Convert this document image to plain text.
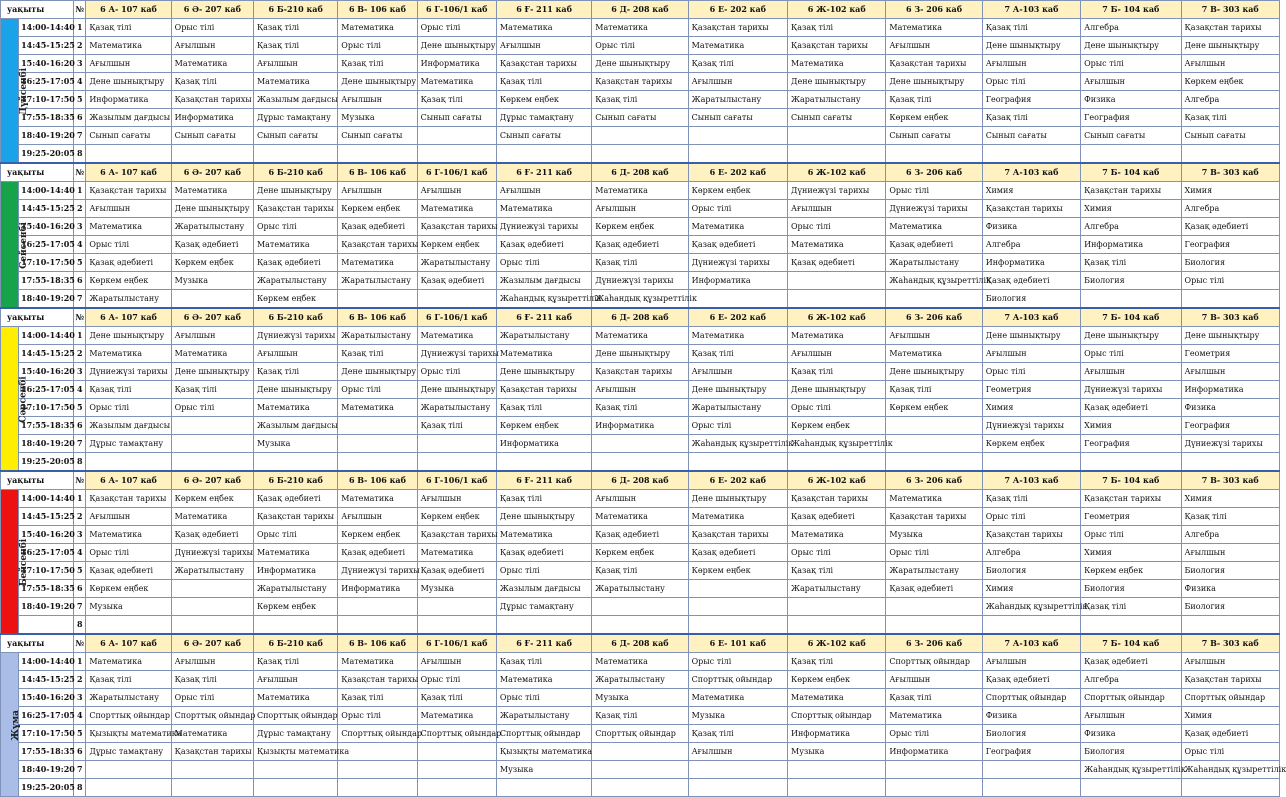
уақыты		№	6 А- 107 каб	6 Ә- 207 каб	6 Б-210 каб	6 В- 106 каб	6 Г-106/1 каб	6 Ғ- 211 каб	6 Д- 208 каб	6 Е- 202 каб	6 Ж-102 каб	6 З- 206 каб	7 А-103 каб	7 Б- 104 каб	7 В- 303 каб
Дүйсенбі	14:00-14:40	1	Қазақ тілі	Орыс тілі	Қазақ тілі	Математика	Орыс тілі	Математика	Математика	Қазақстан тарихы	Қазақ тілі	Математика	Қазақ тілі	Алгебра	Қазақстан тарихы
	14:45-15:25	2	Математика	Ағылшын	Қазақ тілі	Орыс тілі	Дене шынықтыру	Ағылшын	Орыс тілі	Математика	Қазақстан тарихы	Ағылшын	Дене шынықтыру	Дене шынықтыру	Дене шынықтыру
	15:40-16:20	3	Ағылшын	Математика	Ағылшын	Қазақ тілі	Информатика	Қазақстан тарихы	Дене шынықтыру	Қазақ тілі	Математика	Қазақстан тарихы	Ағылшын	Орыс тілі	Ағылшын
	16:25-17:05	4	Дене шынықтыру	Қазақ тілі	Математика	Дене шынықтыру	Математика	Қазақ тілі	Қазақстан тарихы	Ағылшын	Дене шынықтыру	Дене шынықтыру	Орыс тілі	Ағылшын	Көркем еңбек
	17:10-17:50	5	Информатика	Қазақстан тарихы	Жазылым дағдысы	Ағылшын	Қазақ тілі	Көркем еңбек	Қазақ тілі	Жаратылыстану	Жаратылыстану	Қазақ тілі	География	Физика	Алгебра
	17:55-18:35	6	Жазылым дағдысы	Информатика	Дұрыс тамақтану	Музыка	Сынып сағаты	Дұрыс тамақтану	Сынып сағаты	Сынып сағаты	Сынып сағаты	Көркем еңбек	Қазақ тілі	География	Қазақ тілі
	18:40-19:20	7	Сынып сағаты	Сынып сағаты	Сынып сағаты	Сынып сағаты		Сынып сағаты				Сынып сағаты	Сынып сағаты	Сынып сағаты	Сынып сағаты
	19:25-20:05	8													
уақыты		№	6 А- 107 каб	6 Ә- 207 каб	6 Б-210 каб	6 В- 106 каб	6 Г-106/1 каб	6 Ғ- 211 каб	6 Д- 208 каб	6 Е- 202 каб	6 Ж-102 каб	6 З- 206 каб	7 А-103 каб	7 Б- 104 каб	7 В- 303 каб
Сейсенбі	14:00-14:40	1	Қазақстан тарихы	Математика	Дене шынықтыру	Ағылшын	Ағылшын	Ағылшын	Математика	Көркем еңбек	Дүниежүзі тарихы	Орыс тілі	Химия	Қазақстан тарихы	Химия
	14:45-15:25	2	Ағылшын	Дене шынықтыру	Қазақстан тарихы	Көркем еңбек	Математика	Математика	Ағылшын	Орыс тілі	Ағылшын	Дүниежүзі тарихы	Қазақстан тарихы	Химия	Алгебра
	15:40-16:20	3	Математика	Жаратылыстану	Орыс тілі	Қазақ әдебиеті	Қазақстан тарихы	Дүниежүзі тарихы	Көркем еңбек	Математика	Орыс тілі	Математика	Физика	Алгебра	Қазақ әдебиеті
	16:25-17:05	4	Орыс тілі	Қазақ әдебиеті	Математика	Қазақстан тарихы	Көркем еңбек	Қазақ әдебиеті	Қазақ әдебиеті	Қазақ әдебиеті	Математика	Қазақ әдебиеті	Алгебра	Информатика	География
	17:10-17:50	5	Қазақ әдебиеті	Көркем еңбек	Қазақ әдебиеті	Математика	Жаратылыстану	Орыс тілі	Қазақ тілі	Дүниежүзі тарихы	Қазақ әдебиеті	Жаратылыстану	Информатика	Қазақ тілі	Биология
	17:55-18:35	6	Көркем еңбек	Музыка	Жаратылыстану	Жаратылыстану	Қазақ әдебиеті	Жазылым дағдысы	Дүниежүзі тарихы	Информатика		Жаһандық құзыреттілік	Қазақ әдебиеті	Биология	Орыс тілі
	18:40-19:20	7	Жаратылыстану		Көркем еңбек			Жаһандық құзыреттілік	Жаһандық құзыреттілік				Биология		
уақыты		№	6 А- 107 каб	6 Ә- 207 каб	6 Б-210 каб	6 В- 106 каб	6 Г-106/1 каб	6 Ғ- 211 каб	6 Д- 208 каб	6 Е- 202 каб	6 Ж-102 каб	6 З- 206 каб	7 А-103 каб	7 Б- 104 каб	7 В- 303 каб
Сәрсенбі	14:00-14:40	1	Дене шынықтыру	Ағылшын	Дүниежүзі тарихы	Жаратылыстану	Математика	Жаратылыстану	Математика	Математика	Математика	Ағылшын	Дене шынықтыру	Дене шынықтыру	Дене шынықтыру
	14:45-15:25	2	Математика	Математика	Ағылшын	Қазақ тілі	Дүниежүзі тарихы	Математика	Дене шынықтыру	Қазақ тілі	Ағылшын	Математика	Ағылшын	Орыс тілі	Геометрия
	15:40-16:20	3	Дүниежүзі тарихы	Дене шынықтыру	Қазақ тілі	Дене шынықтыру	Орыс тілі	Дене шынықтыру	Қазақстан тарихы	Ағылшын	Қазақ тілі	Дене шынықтыру	Орыс тілі	Ағылшын	Ағылшын
	16:25-17:05	4	Қазақ тілі	Қазақ тілі	Дене шынықтыру	Орыс тілі	Дене шынықтыру	Қазақстан тарихы	Ағылшын	Дене шынықтыру	Дене шынықтыру	Қазақ тілі	Геометрия	Дүниежүзі тарихы	Информатика
	17:10-17:50	5	Орыс тілі	Орыс тілі	Математика	Математика	Жаратылыстану	Қазақ тілі	Қазақ тілі	Жаратылыстану	Орыс тілі	Көркем еңбек	Химия	Қазақ әдебиеті	Физика
	17:55-18:35	6	Жазылым дағдысы		Жазылым дағдысы		Қазақ тілі	Көркем еңбек	Информатика	Орыс тілі	Көркем еңбек		Дүниежүзі тарихы	Химия	География
	18:40-19:20	7	Дұрыс тамақтану		Музыка			Информатика		Жаһандық құзыреттілік	Жаһандық құзыреттілік		Көркем еңбек	География	Дүниежүзі тарихы
	19:25-20:05	8													
уақыты		№	6 А- 107 каб	6 Ә- 207 каб	6 Б-210 каб	6 В- 106 каб	6 Г-106/1 каб	6 Ғ- 211 каб	6 Д- 208 каб	6 Е- 202 каб	6 Ж-102 каб	6 З- 206 каб	7 А-103 каб	7 Б- 104 каб	7 В- 303 каб
Бейсенбі	14:00-14:40	1	Қазақстан тарихы	Көркем еңбек	Қазақ әдебиеті	Математика	Ағылшын	Қазақ тілі	Ағылшын	Дене шынықтыру	Қазақстан тарихы	Математика	Қазақ тілі	Қазақстан тарихы	Химия
	14:45-15:25	2	Ағылшын	Математика	Қазақстан тарихы	Ағылшын	Көркем еңбек	Дене шынықтыру	Математика	Математика	Қазақ әдебиеті	Қазақстан тарихы	Орыс тілі	Геометрия	Қазақ тілі
	15:40-16:20	3	Математика	Қазақ әдебиеті	Орыс тілі	Көркем еңбек	Қазақстан тарихы	Математика	Қазақ әдебиеті	Қазақстан тарихы	Математика	Музыка	Қазақстан тарихы	Орыс тілі	Алгебра
	16:25-17:05	4	Орыс тілі	Дүниежүзі тарихы	Математика	Қазақ әдебиеті	Математика	Қазақ әдебиеті	Көркем еңбек	Қазақ әдебиеті	Орыс тілі	Орыс тілі	Алгебра	Химия	Ағылшын
	17:10-17:50	5	Қазақ әдебиеті	Жаратылыстану	Информатика	Дүниежүзі тарихы	Қазақ әдебиеті	Орыс тілі	Қазақ тілі	Көркем еңбек	Қазақ тілі	Жаратылыстану	Биология	Көркем еңбек	Биология
	17:55-18:35	6	Көркем еңбек		Жаратылыстану	Информатика	Музыка	Жазылым дағдысы	Жаратылыстану		Жаратылыстану	Қазақ әдебиеті	Химия	Биология	Физика
	18:40-19:20	7	Музыка		Көркем еңбек			Дұрыс тамақтану					Жаһандық құзыреттілік	Қазақ тілі	Биология
		8													
уақыты		№	6 А- 107 каб	6 Ә- 207 каб	6 Б-210 каб	6 В- 106 каб	6 Г-106/1 каб	6 Ғ- 211 каб	6 Д- 208 каб	6 Е- 101 каб	6 Ж-102 каб	6 З- 206 каб	7 А-103 каб	7 Б- 104 каб	7 В- 303 каб
Жұма	14:00-14:40	1	Математика	Ағылшын	Қазақ тілі	Математика	Ағылшын	Қазақ тілі	Математика	Орыс тілі	Қазақ тілі	Спорттық ойындар	Ағылшын	Қазақ әдебиеті	Ағылшын
	14:45-15:25	2	Қазақ тілі	Қазақ тілі	Ағылшын	Қазақстан тарихы	Орыс тілі	Математика	Жаратылыстану	Спорттық ойындар	Көркем еңбек	Ағылшын	Қазақ әдебиеті	Алгебра	Қазақстан тарихы
	15:40-16:20	3	Жаратылыстану	Орыс тілі	Математика	Қазақ тілі	Қазақ тілі	Орыс тілі	Музыка	Математика	Математика	Қазақ тілі	Спорттық ойындар	Спорттық ойындар	Спорттық ойындар
	16:25-17:05	4	Спорттық ойындар	Спорттық ойындар	Спорттық ойындар	Орыс тілі	Математика	Жаратылыстану	Қазақ тілі	Музыка	Спорттық ойындар	Математика	Физика	Ағылшын	Химия
	17:10-17:50	5	Қызықты математика	Математика	Дұрыс тамақтану	Спорттық ойындар	Спорттық ойындар	Спорттық ойындар	Спорттық ойындар	Қазақ тілі	Информатика	Орыс тілі	Биология	Физика	Қазақ әдебиеті
	17:55-18:35	6	Дұрыс тамақтану	Қазақстан тарихы	Қызықты математика			Қызықты математика		Ағылшын	Музыка	Информатика	География	Биология	Орыс тілі
	18:40-19:20	7						Музыка						Жаһандық құзыреттілік	Жаһандық құзыреттілік
	19:25-20:05	8													
